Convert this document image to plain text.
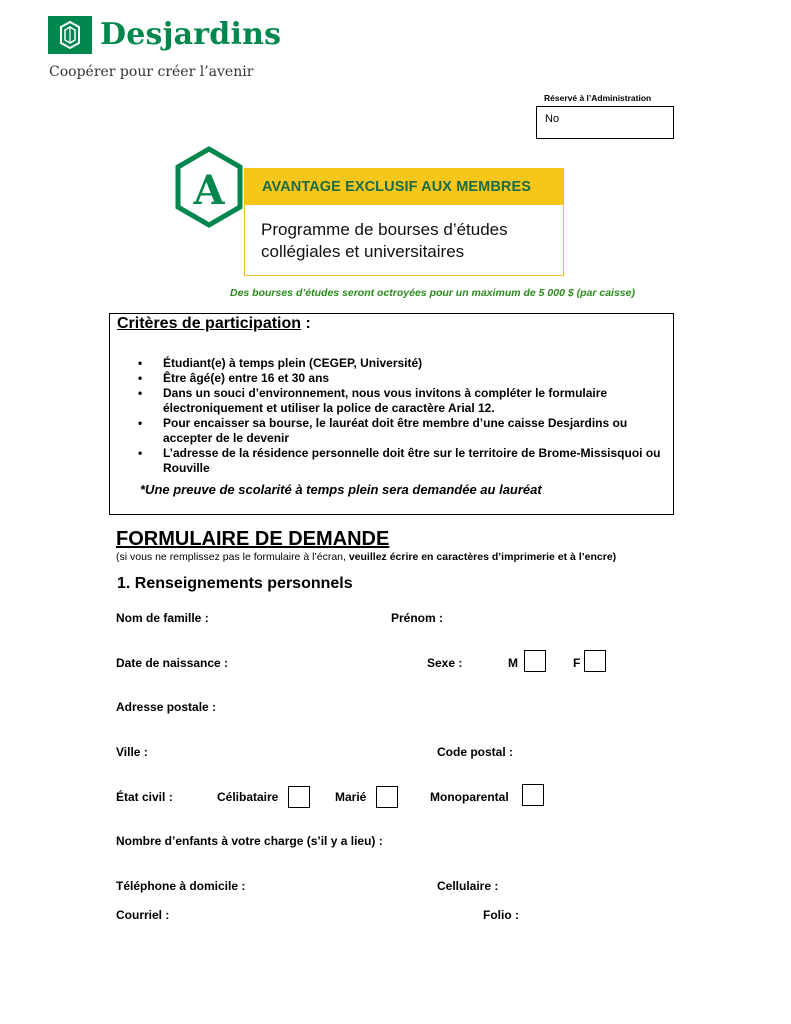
Desjardins
Coopérer pour créer l’avenir
Réservé à l’Administration
No
A	AVANTAGE EXCLUSIF AUX MEMBRES
Programme de bourses d’études
collégiales et universitaires
Des bourses d’études seront octroyées pour un maximum de 5 000 $ (par caisse)
Critères de participation :
• Étudiant(e) à temps plein (CEGEP, Université)
• Être âgé(e) entre 16 et 30 ans
• Dans un souci d’environnement, nous vous invitons à compléter le formulaire électroniquement et utiliser la police de caractère Arial 12.
• Pour encaisser sa bourse, le lauréat doit être membre d’une caisse Desjardins ou accepter de le devenir
• L’adresse de la résidence personnelle doit être sur le territoire de Brome-Missisquoi ou Rouville
*Une preuve de scolarité à temps plein sera demandée au lauréat
FORMULAIRE DE DEMANDE
(si vous ne remplissez pas le formulaire à l’écran, veuillez écrire en caractères d’imprimerie et à l’encre)
1. Renseignements personnels
Nom de famille :	Prénom :
Date de naissance :	Sexe :	M	F
Adresse postale :
Ville :	Code postal :
État civil :	Célibataire	Marié	Monoparental
Nombre d’enfants à votre charge (s’il y a lieu) :
Téléphone à domicile :	Cellulaire :
Courriel :	Folio :
